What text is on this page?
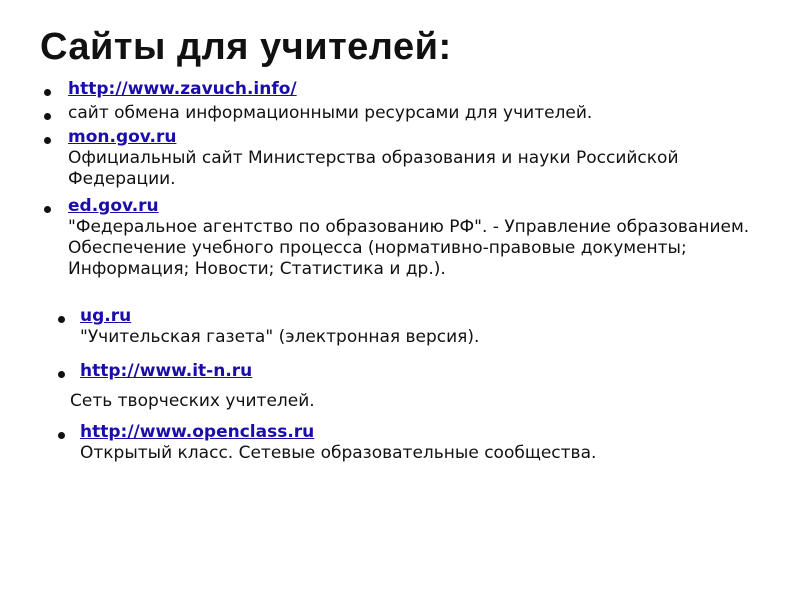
Сайты для учителей:
http://www.zavuch.info/
сайт обмена информационными ресурсами для учителей.
mon.gov.ru
Официальный сайт Министерства образования и науки Российской Федерации.
ed.gov.ru
"Федеральное агентство по образованию РФ". - Управление образованием. Обеспечение учебного процесса (нормативно-правовые документы; Информация; Новости; Статистика и др.).
ug.ru
"Учительская газета" (электронная версия).
http://www.it-n.ru
Сеть творческих учителей.
http://www.openclass.ru
Открытый класс. Сетевые образовательные сообщества.
